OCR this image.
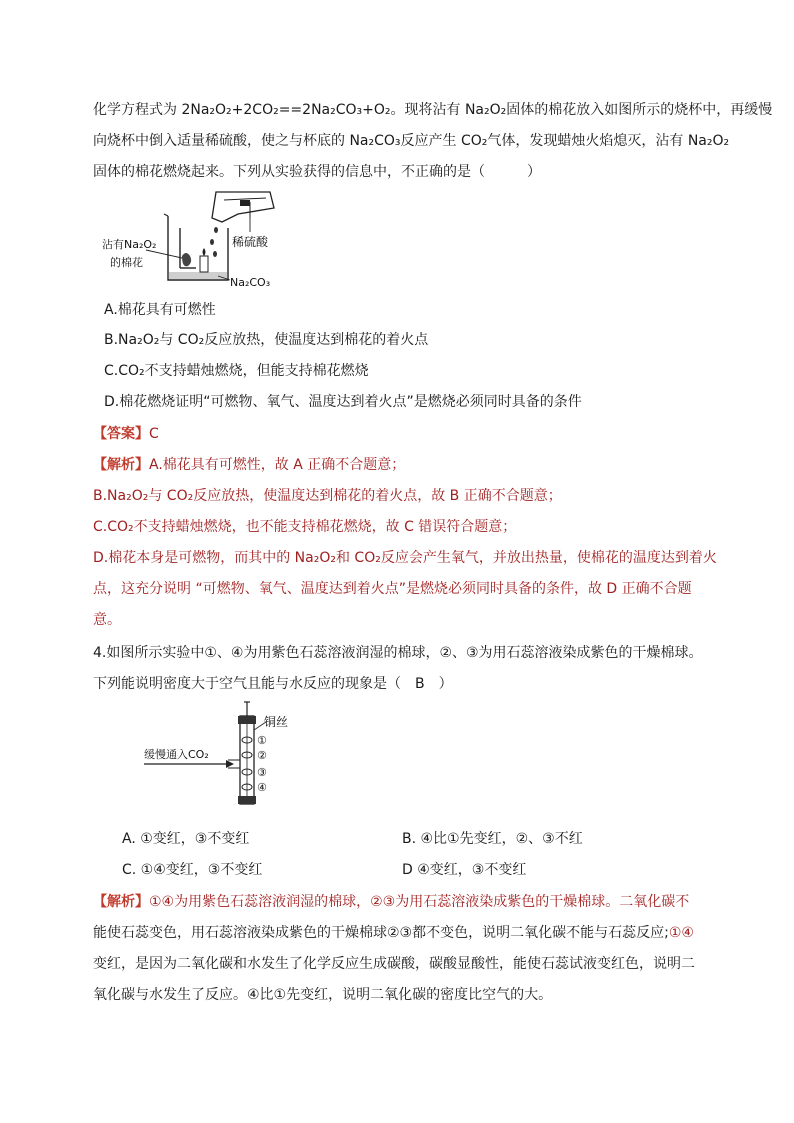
化学方程式为 2Na₂O₂+2CO₂==2Na₂CO₃+O₂。现将沾有 Na₂O₂固体的棉花放入如图所示的烧杯中，再缓慢
向烧杯中倒入适量稀硫酸，使之与杯底的 Na₂CO₃反应产生 CO₂气体，发现蜡烛火焰熄灭，沾有 Na₂O₂
固体的棉花燃烧起来。下列从实验获得的信息中，不正确的是（　　　）
沾有Na₂O₂
的棉花
稀硫酸
Na₂CO₃
A.棉花具有可燃性
B.Na₂O₂与 CO₂反应放热，使温度达到棉花的着火点
C.CO₂不支持蜡烛燃烧，但能支持棉花燃烧
D.棉花燃烧证明“可燃物、氧气、温度达到着火点”是燃烧必须同时具备的条件
【答案】C
【解析】A.棉花具有可燃性，故 A 正确不合题意；
B.Na₂O₂与 CO₂反应放热，使温度达到棉花的着火点，故 B 正确不合题意；
C.CO₂不支持蜡烛燃烧，也不能支持棉花燃烧，故 C 错误符合题意；
D.棉花本身是可燃物，而其中的 Na₂O₂和 CO₂反应会产生氧气，并放出热量，使棉花的温度达到着火
点，这充分说明 “可燃物、氧气、温度达到着火点”是燃烧必须同时具备的条件，故 D 正确不合题
意。
4.如图所示实验中①、④为用紫色石蕊溶液润湿的棉球，②、③为用石蕊溶液染成紫色的干燥棉球。
下列能说明密度大于空气且能与水反应的现象是（　B　）
①
②
③
④
铜丝
缓慢通入CO₂
A. ①变红，③不变红	B. ④比①先变红，②、③不红
C. ①④变红，③不变红	D ④变红，③不变红
【解析】①④为用紫色石蕊溶液润湿的棉球，②③为用石蕊溶液染成紫色的干燥棉球。二氧化碳不
能使石蕊变色，用石蕊溶液染成紫色的干燥棉球②③都不变色，说明二氧化碳不能与石蕊反应;①④
变红，是因为二氧化碳和水发生了化学反应生成碳酸，碳酸显酸性，能使石蕊试液变红色，说明二
氧化碳与水发生了反应。④比①先变红，说明二氧化碳的密度比空气的大。
